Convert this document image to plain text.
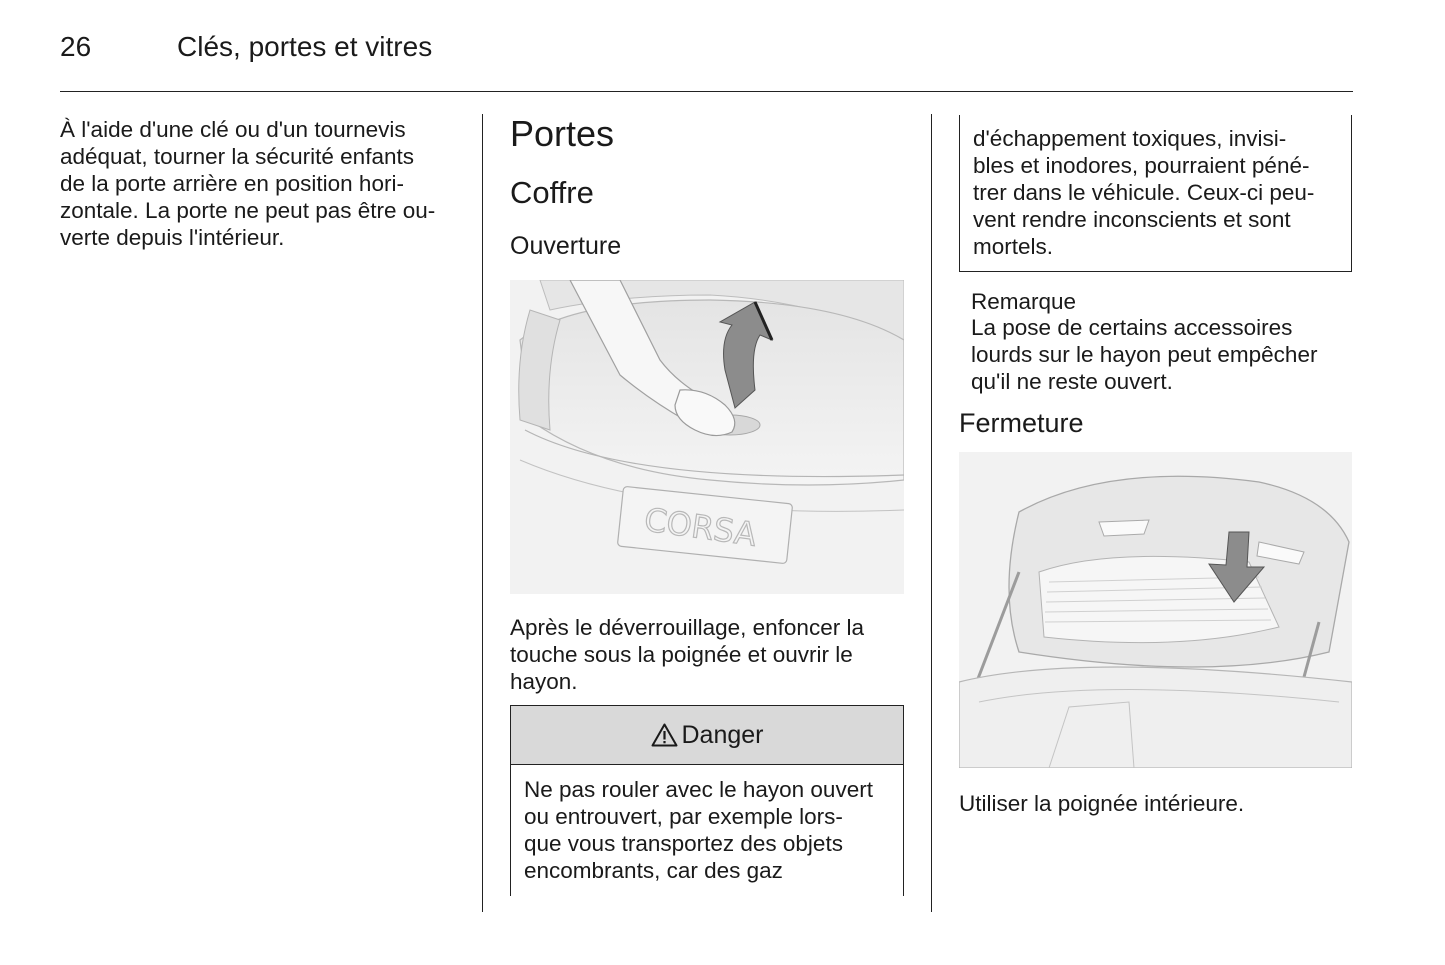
26	Clés, portes et vitres
À l'aide d'une clé ou d'un tournevis
adéquat, tourner la sécurité enfants
de la porte arrière en position hori-
zontale. La porte ne peut pas être ou-
verte depuis l'intérieur.
Portes
Coffre
Ouverture
CORSA
Après le déverrouillage, enfoncer la
touche sous la poignée et ouvrir le
hayon.
Danger
Ne pas rouler avec le hayon ouvert
ou entrouvert, par exemple lors-
que vous transportez des objets
encombrants, car des gaz
d'échappement toxiques, invisi-
bles et inodores, pourraient péné-
trer dans le véhicule. Ceux-ci peu-
vent rendre inconscients et sont
mortels.
Remarque
La pose de certains accessoires
lourds sur le hayon peut empêcher
qu'il ne reste ouvert.
Fermeture
Utiliser la poignée intérieure.
